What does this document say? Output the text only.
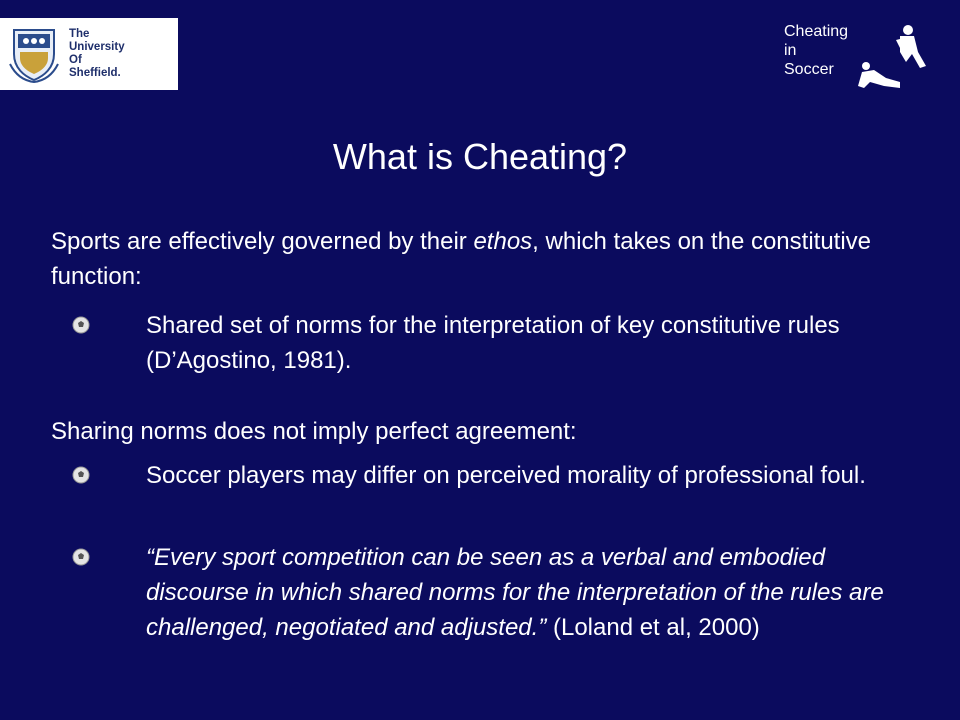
The
University
Of
Sheffield.
Cheating
in
Soccer
What is Cheating?
Sports are effectively governed by their ethos, which takes on the constitutive function:
Shared set of norms for the interpretation of key constitutive rules (D’Agostino, 1981).
Sharing norms does not imply perfect agreement:
Soccer players may differ on perceived morality of professional foul.
“Every sport competition can be seen as a verbal and embodied discourse in which shared norms for the interpretation of the rules are challenged, negotiated and adjusted.” (Loland et al, 2000)
